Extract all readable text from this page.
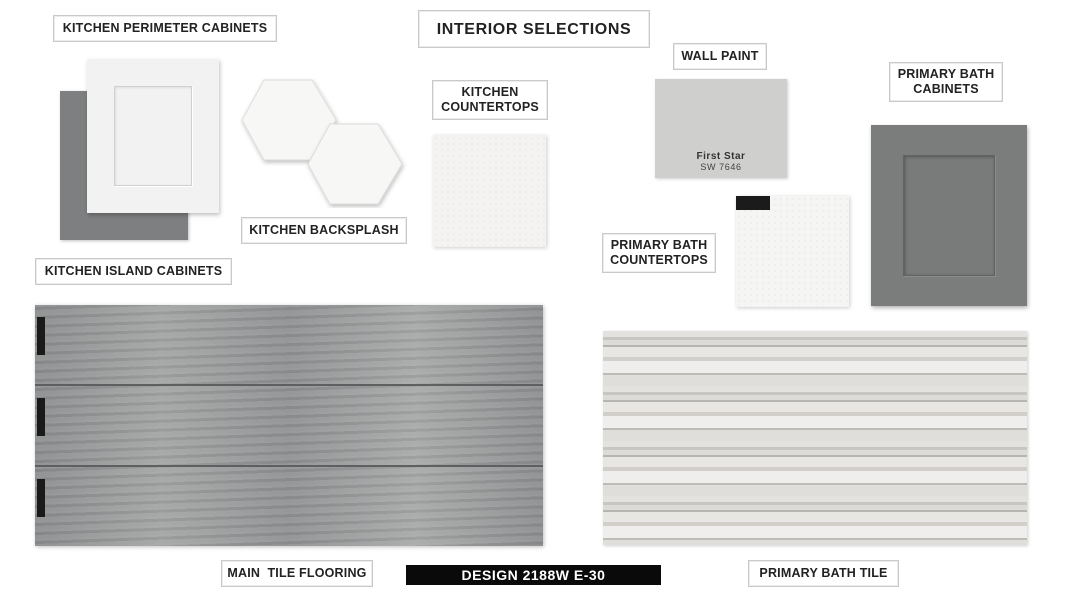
INTERIOR SELECTIONS
KITCHEN PERIMETER CABINETS
KITCHEN ISLAND CABINETS
KITCHEN BACKSPLASH
KITCHEN
COUNTERTOPS
WALL PAINT
First Star
SW 7646
PRIMARY BATH
CABINETS
PRIMARY BATH
COUNTERTOPS
MAIN  TILE FLOORING	DESIGN 2188W E-30	PRIMARY BATH TILE
